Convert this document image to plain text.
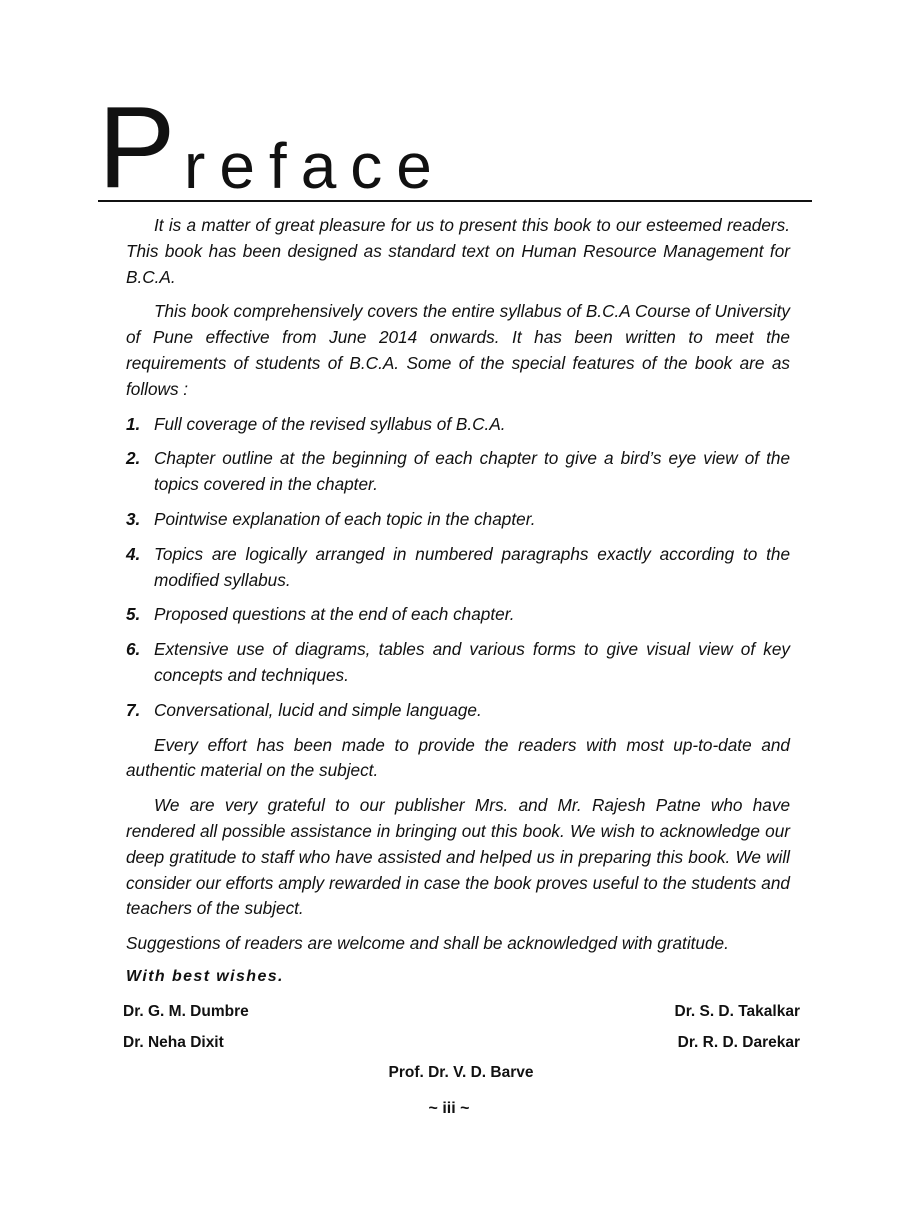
P reface

It is a matter of great pleasure for us to present this book to our esteemed readers. This book has been designed as standard text on Human Resource Management for B.C.A.

This book comprehensively covers the entire syllabus of B.C.A Course of University of Pune effective from June 2014 onwards. It has been written to meet the requirements of students of B.C.A. Some of the special features of the book are as follows :

1. Full coverage of the revised syllabus of B.C.A.
2. Chapter outline at the beginning of each chapter to give a bird’s eye view of the topics covered in the chapter.
3. Pointwise explanation of each topic in the chapter.
4. Topics are logically arranged in numbered paragraphs exactly according to the modified syllabus.
5. Proposed questions at the end of each chapter.
6. Extensive use of diagrams, tables and various forms to give visual view of key concepts and techniques.
7. Conversational, lucid and simple language.

Every effort has been made to provide the readers with most up-to-date and authentic material on the subject.

We are very grateful to our publisher Mrs. and Mr. Rajesh Patne who have rendered all possible assistance in bringing out this book. We wish to acknowledge our deep gratitude to staff who have assisted and helped us in preparing this book. We will consider our efforts amply rewarded in case the book proves useful to the students and teachers of the subject.

Suggestions of readers are welcome and shall be acknowledged with gratitude.

With best wishes.
Dr. G. M. Dumbre
Dr. Neha Dixit
Dr. S. D. Takalkar
Dr. R. D. Darekar
Prof. Dr. V. D. Barve
~ iii ~
